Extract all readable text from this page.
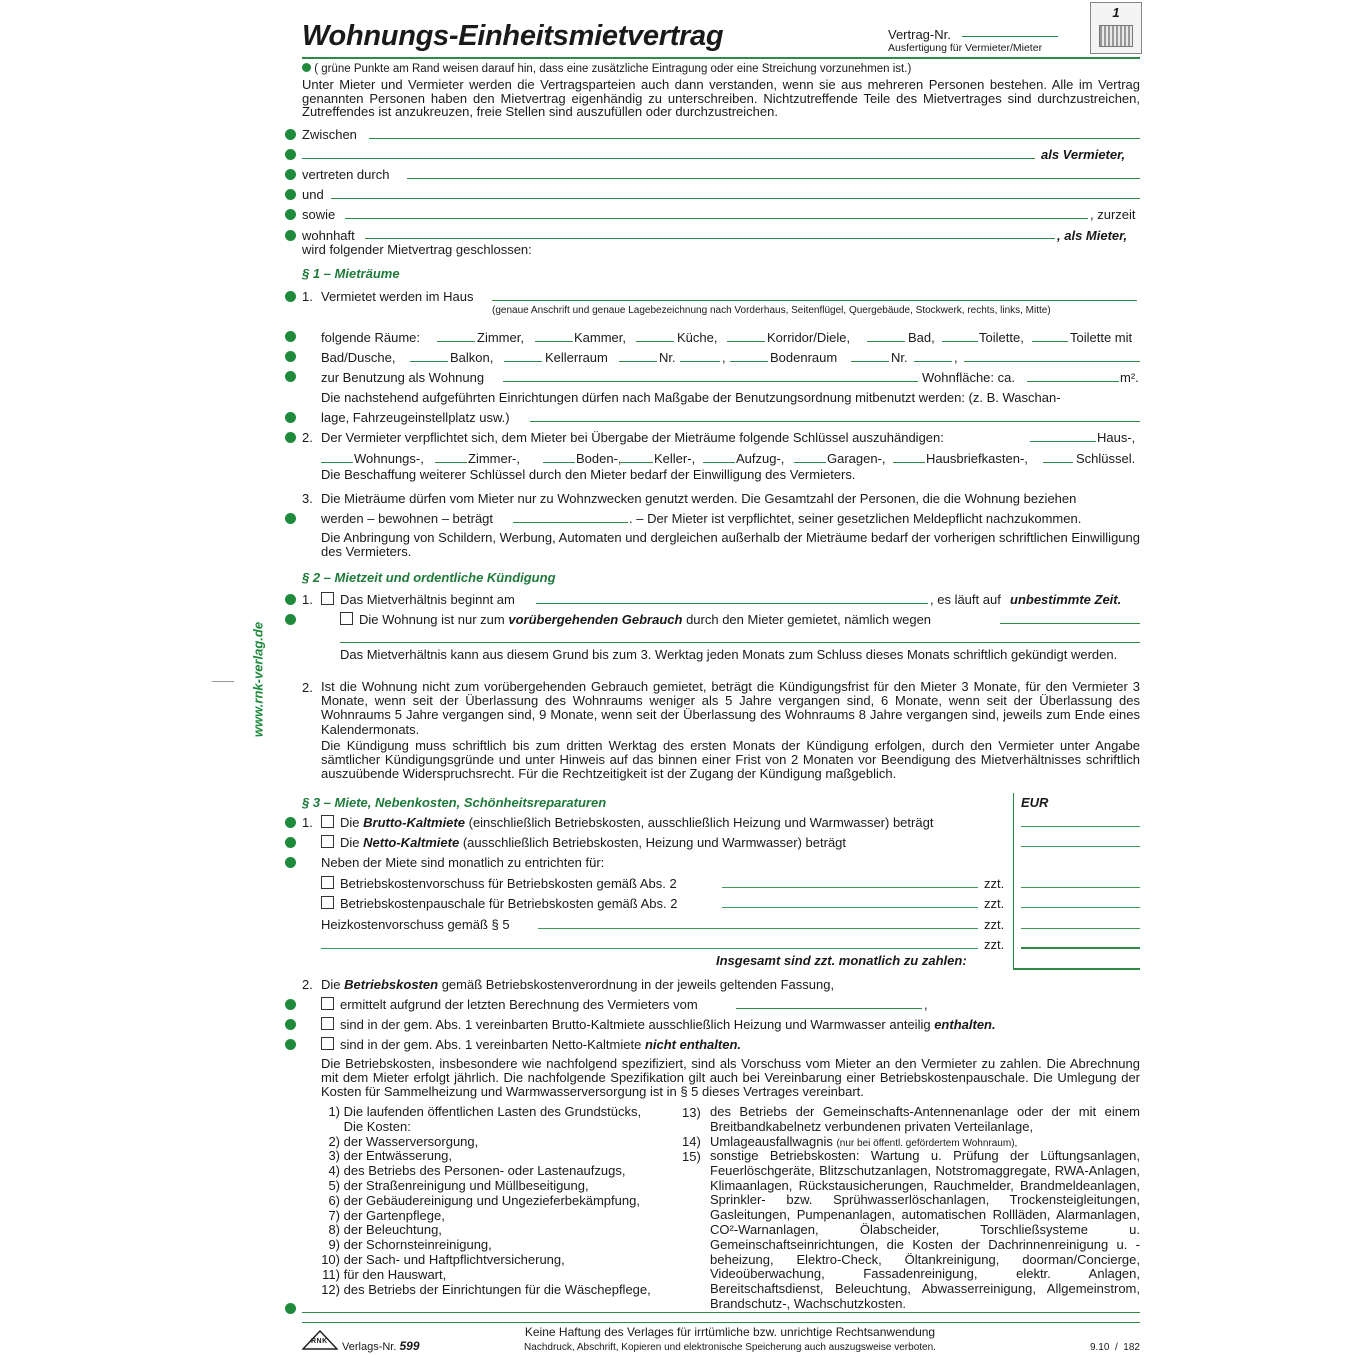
Wohnungs-Einheitsmietvertrag	Vertrag-Nr.
Ausfertigung für Vermieter/Mieter
1
www.rnk-verlag.de
( grüne Punkte am Rand weisen darauf hin, dass eine zusätzliche Eintragung oder eine Streichung vorzunehmen ist.)
Unter Mieter und Vermieter werden die Vertragsparteien auch dann verstanden, wenn sie aus mehreren Personen bestehen. Alle im Vertrag genannten Personen haben den Mietvertrag eigenhändig zu unterschreiben. Nichtzutreffende Teile des Mietvertrages sind durchzustreichen, Zutreffendes ist anzukreuzen, freie Stellen sind auszufüllen oder durchzustreichen.
Zwischen
als Vermieter,
vertreten durch
und
sowie	, zurzeit
wohnhaft	, als Mieter,
wird folgender Mietvertrag geschlossen:
§ 1 – Mieträume
1. Vermietet werden im Haus
(genaue Anschrift und genaue Lagebezeichnung nach Vorderhaus, Seitenflügel, Quergebäude, Stockwerk, rechts, links, Mitte)
folgende Räume:	Zimmer,	Kammer,	Küche,	Korridor/Diele,	Bad,	Toilette,	Toilette mit
Bad/Dusche,	Balkon,	Kellerraum	Nr.	,	Bodenraum	Nr.	,
zur Benutzung als Wohnung	Wohnfläche: ca.	m².
Die nachstehend aufgeführten Einrichtungen dürfen nach Maßgabe der Benutzungsordnung mitbenutzt werden: (z. B. Waschan-
lage, Fahrzeugeinstellplatz usw.)
2. Der Vermieter verpflichtet sich, dem Mieter bei Übergabe der Mieträume folgende Schlüssel auszuhändigen:	Haus-,
Wohnungs-,	Zimmer-,	Boden-, Keller-,	Aufzug-,	Garagen-,	Hausbriefkasten-,	Schlüssel.
Die Beschaffung weiterer Schlüssel durch den Mieter bedarf der Einwilligung des Vermieters.
3. Die Mieträume dürfen vom Mieter nur zu Wohnzwecken genutzt werden. Die Gesamtzahl der Personen, die die Wohnung beziehen
werden – bewohnen – beträgt	. – Der Mieter ist verpflichtet, seiner gesetzlichen Meldepflicht nachzukommen.
Die Anbringung von Schildern, Werbung, Automaten und dergleichen außerhalb der Mieträume bedarf der vorherigen schriftlichen Einwilligung des Vermieters.
§ 2 – Mietzeit und ordentliche Kündigung
1.	Das Mietverhältnis beginnt am	, es läuft auf unbestimmte Zeit.
Die Wohnung ist nur zum vorübergehenden Gebrauch durch den Mieter gemietet, nämlich wegen
Das Mietverhältnis kann aus diesem Grund bis zum 3. Werktag jeden Monats zum Schluss dieses Monats schriftlich gekündigt werden.
2. Ist die Wohnung nicht zum vorübergehenden Gebrauch gemietet, beträgt die Kündigungsfrist für den Mieter 3 Monate, für den Vermieter 3 Monate, wenn seit der Überlassung des Wohnraums weniger als 5 Jahre vergangen sind, 6 Monate, wenn seit der Überlassung des Wohnraums 5 Jahre vergangen sind, 9 Monate, wenn seit der Überlassung des Wohnraums 8 Jahre vergangen sind, jeweils zum Ende eines Kalendermonats.
Die Kündigung muss schriftlich bis zum dritten Werktag des ersten Monats der Kündigung erfolgen, durch den Vermieter unter Angabe sämtlicher Kündigungsgründe und unter Hinweis auf das binnen einer Frist von 2 Monaten vor Beendigung des Mietverhältnisses schriftlich auszuübende Widerspruchsrecht. Für die Rechtzeitigkeit ist der Zugang der Kündigung maßgeblich.
§ 3 – Miete, Nebenkosten, Schönheitsreparaturen	EUR
1.	Die Brutto-Kaltmiete (einschließlich Betriebskosten, ausschließlich Heizung und Warmwasser) beträgt
Die Netto-Kaltmiete (ausschließlich Betriebskosten, Heizung und Warmwasser) beträgt
Neben der Miete sind monatlich zu entrichten für:
Betriebskostenvorschuss für Betriebskosten gemäß Abs. 2	zzt.
Betriebskostenpauschale für Betriebskosten gemäß Abs. 2	zzt.
Heizkostenvorschuss gemäß § 5	zzt.
zzt.
Insgesamt sind zzt. monatlich zu zahlen:
2. Die Betriebskosten gemäß Betriebskostenverordnung in der jeweils geltenden Fassung,
ermittelt aufgrund der letzten Berechnung des Vermieters vom	,
sind in der gem. Abs. 1 vereinbarten Brutto-Kaltmiete ausschließlich Heizung und Warmwasser anteilig enthalten.
sind in der gem. Abs. 1 vereinbarten Netto-Kaltmiete nicht enthalten.
Die Betriebskosten, insbesondere wie nachfolgend spezifiziert, sind als Vorschuss vom Mieter an den Vermieter zu zahlen. Die Abrechnung mit dem Mieter erfolgt jährlich. Die nachfolgende Spezifikation gilt auch bei Vereinbarung einer Betriebskostenpauschale. Die Umlegung der Kosten für Sammelheizung und Warmwasserversorgung ist in § 5 dieses Vertrages vereinbart.
1) Die laufenden öffentlichen Lasten des Grundstücks,
Die Kosten:
2) der Wasserversorgung,
3) der Entwässerung,
4) des Betriebs des Personen- oder Lastenaufzugs,
5) der Straßenreinigung und Müllbeseitigung,
6) der Gebäudereinigung und Ungezieferbekämpfung,
7) der Gartenpflege,
8) der Beleuchtung,
9) der Schornsteinreinigung,
10) der Sach- und Haftpflichtversicherung,
11) für den Hauswart,
12) des Betriebs der Einrichtungen für die Wäschepflege,
13) des Betriebs der Gemeinschafts-Antennenanlage oder der mit einem Breitbandkabelnetz verbundenen privaten Verteilanlage,
14) Umlageausfallwagnis (nur bei öffentl. gefördertem Wohnraum),
15) sonstige Betriebskosten: Wartung u. Prüfung der Lüftungsanlagen, Feuerlöschgeräte, Blitzschutzanlagen, Notstromaggregate, RWA-Anlagen, Klimaanlagen, Rückstausicherungen, Rauchmelder, Brandmeldeanlagen, Sprinkler- bzw. Sprühwasserlöschanlagen, Trockensteigleitungen, Gasleitungen, Pumpenanlagen, automatischen Rollläden, Alarmanlagen, CO²-Warnanlagen, Ölabscheider, Torschließsysteme u. Gemeinschaftseinrichtungen, die Kosten der Dachrinnenreinigung u. -beheizung, Elektro-Check, Öltankreinigung, doorman/Concierge, Videoüberwachung, Fassadenreinigung, elektr. Anlagen, Bereitschaftsdienst, Beleuchtung, Abwasserreinigung, Allgemeinstrom, Brandschutz-, Wachschutzkosten.
RNK Verlags-Nr. 599
Keine Haftung des Verlages für irrtümliche bzw. unrichtige Rechtsanwendung
Nachdruck, Abschrift, Kopieren und elektronische Speicherung auch auszugsweise verboten.	9.10  /  182
